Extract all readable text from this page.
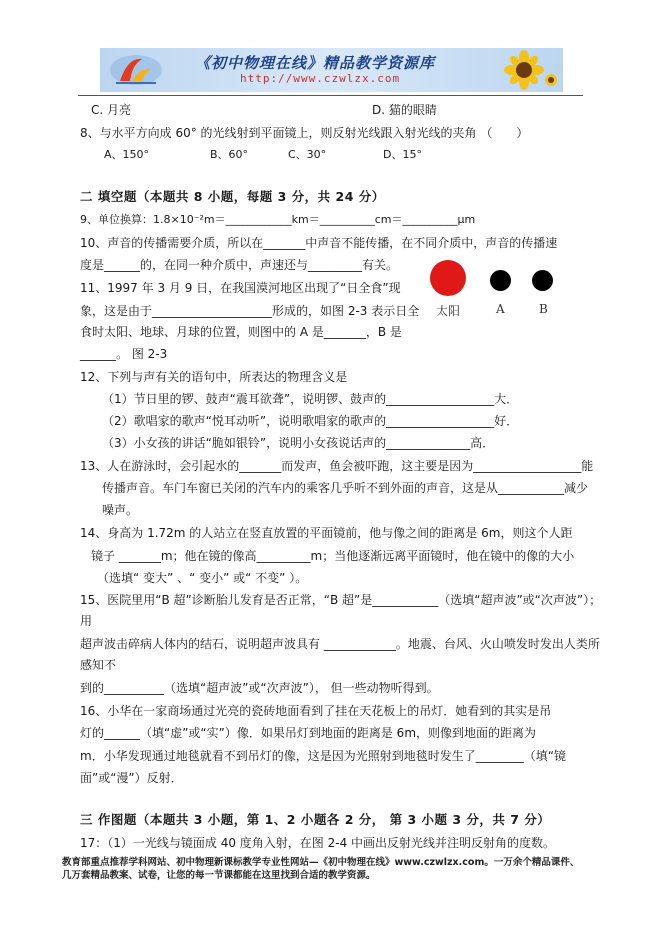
《初中物理在线》精品教学资源库
http://www.czwlzx.com
C. 月亮	D. 猫的眼睛
8、与水平方向成 60° 的光线射到平面镜上，则反射光线跟入射光线的夹角 （　　）
A、150°	B、60°	C、30°	D、15°
二 填空题（本题共 8 小题，每题 3 分，共 24 分）
9、单位换算：1.8×10⁻²m＝____________km＝__________cm＝__________μm
10、声音的传播需要介质，所以在_______中声音不能传播，在不同介质中，声音的传播速
度是______的，在同一种介质中，声速还与_________有关。
11、1997 年 3 月 9 日，在我国漠河地区出现了“日全食”现
象，这是由于____________________形成的，如图 2-3 表示日全
食时太阳、地球、月球的位置，则图中的 A 是_______，B 是
______。 图 2-3
太阳	A	B
12、下列与声有关的语句中，所表达的物理含义是
（1）节日里的锣、鼓声“震耳欲聋”，说明锣、鼓声的__________________大．
（2）歌唱家的歌声“悦耳动听”，说明歌唱家的歌声的__________________好．
（3）小女孩的讲话“脆如银铃”，说明小女孩说话声的______________高．
13、人在游泳时，会引起水的_______而发声，鱼会被吓跑，这主要是因为__________________能
传播声音。车门车窗已关闭的汽车内的乘客几乎听不到外面的声音，这是从___________减少
噪声。
14、身高为 1.72m 的人站立在竖直放置的平面镜前，他与像之间的距离是 6m，则这个人距
镜子 _______m；他在镜的像高_________m；当他逐渐远离平面镜时，他在镜中的像的大小
（选填“ 变大” 、“ 变小” 或“ 不变” ）。
15、医院里用“B 超”诊断胎儿发育是否正常，“B 超”是___________（选填“超声波”或“次声波”）；
用
超声波击碎病人体内的结石，说明超声波具有 ____________。地震、台风、火山喷发时发出人类所
感知不
到的__________（选填“超声波”或“次声波”）， 但一些动物听得到。
16、小华在一家商场通过光亮的瓷砖地面看到了挂在天花板上的吊灯．她看到的其实是吊
灯的______（填“虚”或“实”）像．如果吊灯到地面的距离是 6m，则像到地面的距离为
m．小华发现通过地毯就看不到吊灯的像，这是因为光照射到地毯时发生了________（填“镜
面”或“漫”）反射．
三 作图题（本题共 3 小题，第 1、2 小题各 2 分， 第 3 小题 3 分，共 7 分）
17：（1）一光线与镜面成 40 度角入射，在图 2-4 中画出反射光线并注明反射角的度数。
教育部重点推荐学科网站、初中物理新课标教学专业性网站—《初中物理在线》www.czwlzx.com。一万余个精品课件、
几万套精品教案、试卷，让您的每一节课都能在这里找到合适的教学资源。
